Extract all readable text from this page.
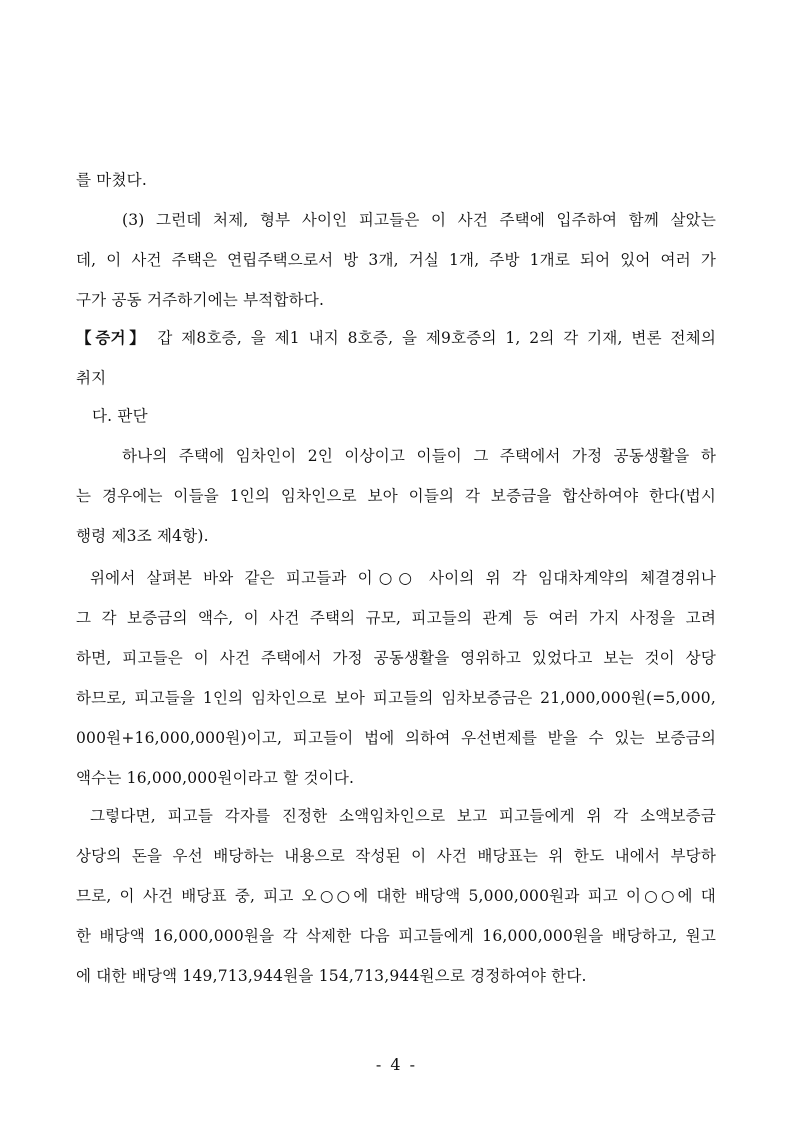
를 마쳤다.

(3) 그런데 처제, 형부 사이인 피고들은 이 사건 주택에 입주하여 함께 살았는
데, 이 사건 주택은 연립주택으로서 방 3개, 거실 1개, 주방 1개로 되어 있어 여러 가
구가 공동 거주하기에는 부적합하다.

【증거】 갑 제8호증, 을 제1 내지 8호증, 을 제9호증의 1, 2의 각 기재, 변론 전체의
취지

다. 판단

하나의 주택에 임차인이 2인 이상이고 이들이 그 주택에서 가정 공동생활을 하
는 경우에는 이들을 1인의 임차인으로 보아 이들의 각 보증금을 합산하여야 한다(법시
행령 제3조 제4항).

위에서 살펴본 바와 같은 피고들과 이○○ 사이의 위 각 임대차계약의 체결경위나
그 각 보증금의 액수, 이 사건 주택의 규모, 피고들의 관계 등 여러 가지 사정을 고려
하면, 피고들은 이 사건 주택에서 가정 공동생활을 영위하고 있었다고 보는 것이 상당
하므로, 피고들을 1인의 임차인으로 보아 피고들의 임차보증금은 21,000,000원(=5,000,
000원+16,000,000원)이고, 피고들이 법에 의하여 우선변제를 받을 수 있는 보증금의
액수는 16,000,000원이라고 할 것이다.

그렇다면, 피고들 각자를 진정한 소액임차인으로 보고 피고들에게 위 각 소액보증금
상당의 돈을 우선 배당하는 내용으로 작성된 이 사건 배당표는 위 한도 내에서 부당하
므로, 이 사건 배당표 중, 피고 오○○에 대한 배당액 5,000,000원과 피고 이○○에 대
한 배당액 16,000,000원을 각 삭제한 다음 피고들에게 16,000,000원을 배당하고, 원고
에 대한 배당액 149,713,944원을 154,713,944원으로 경정하여야 한다.

- 4 -
